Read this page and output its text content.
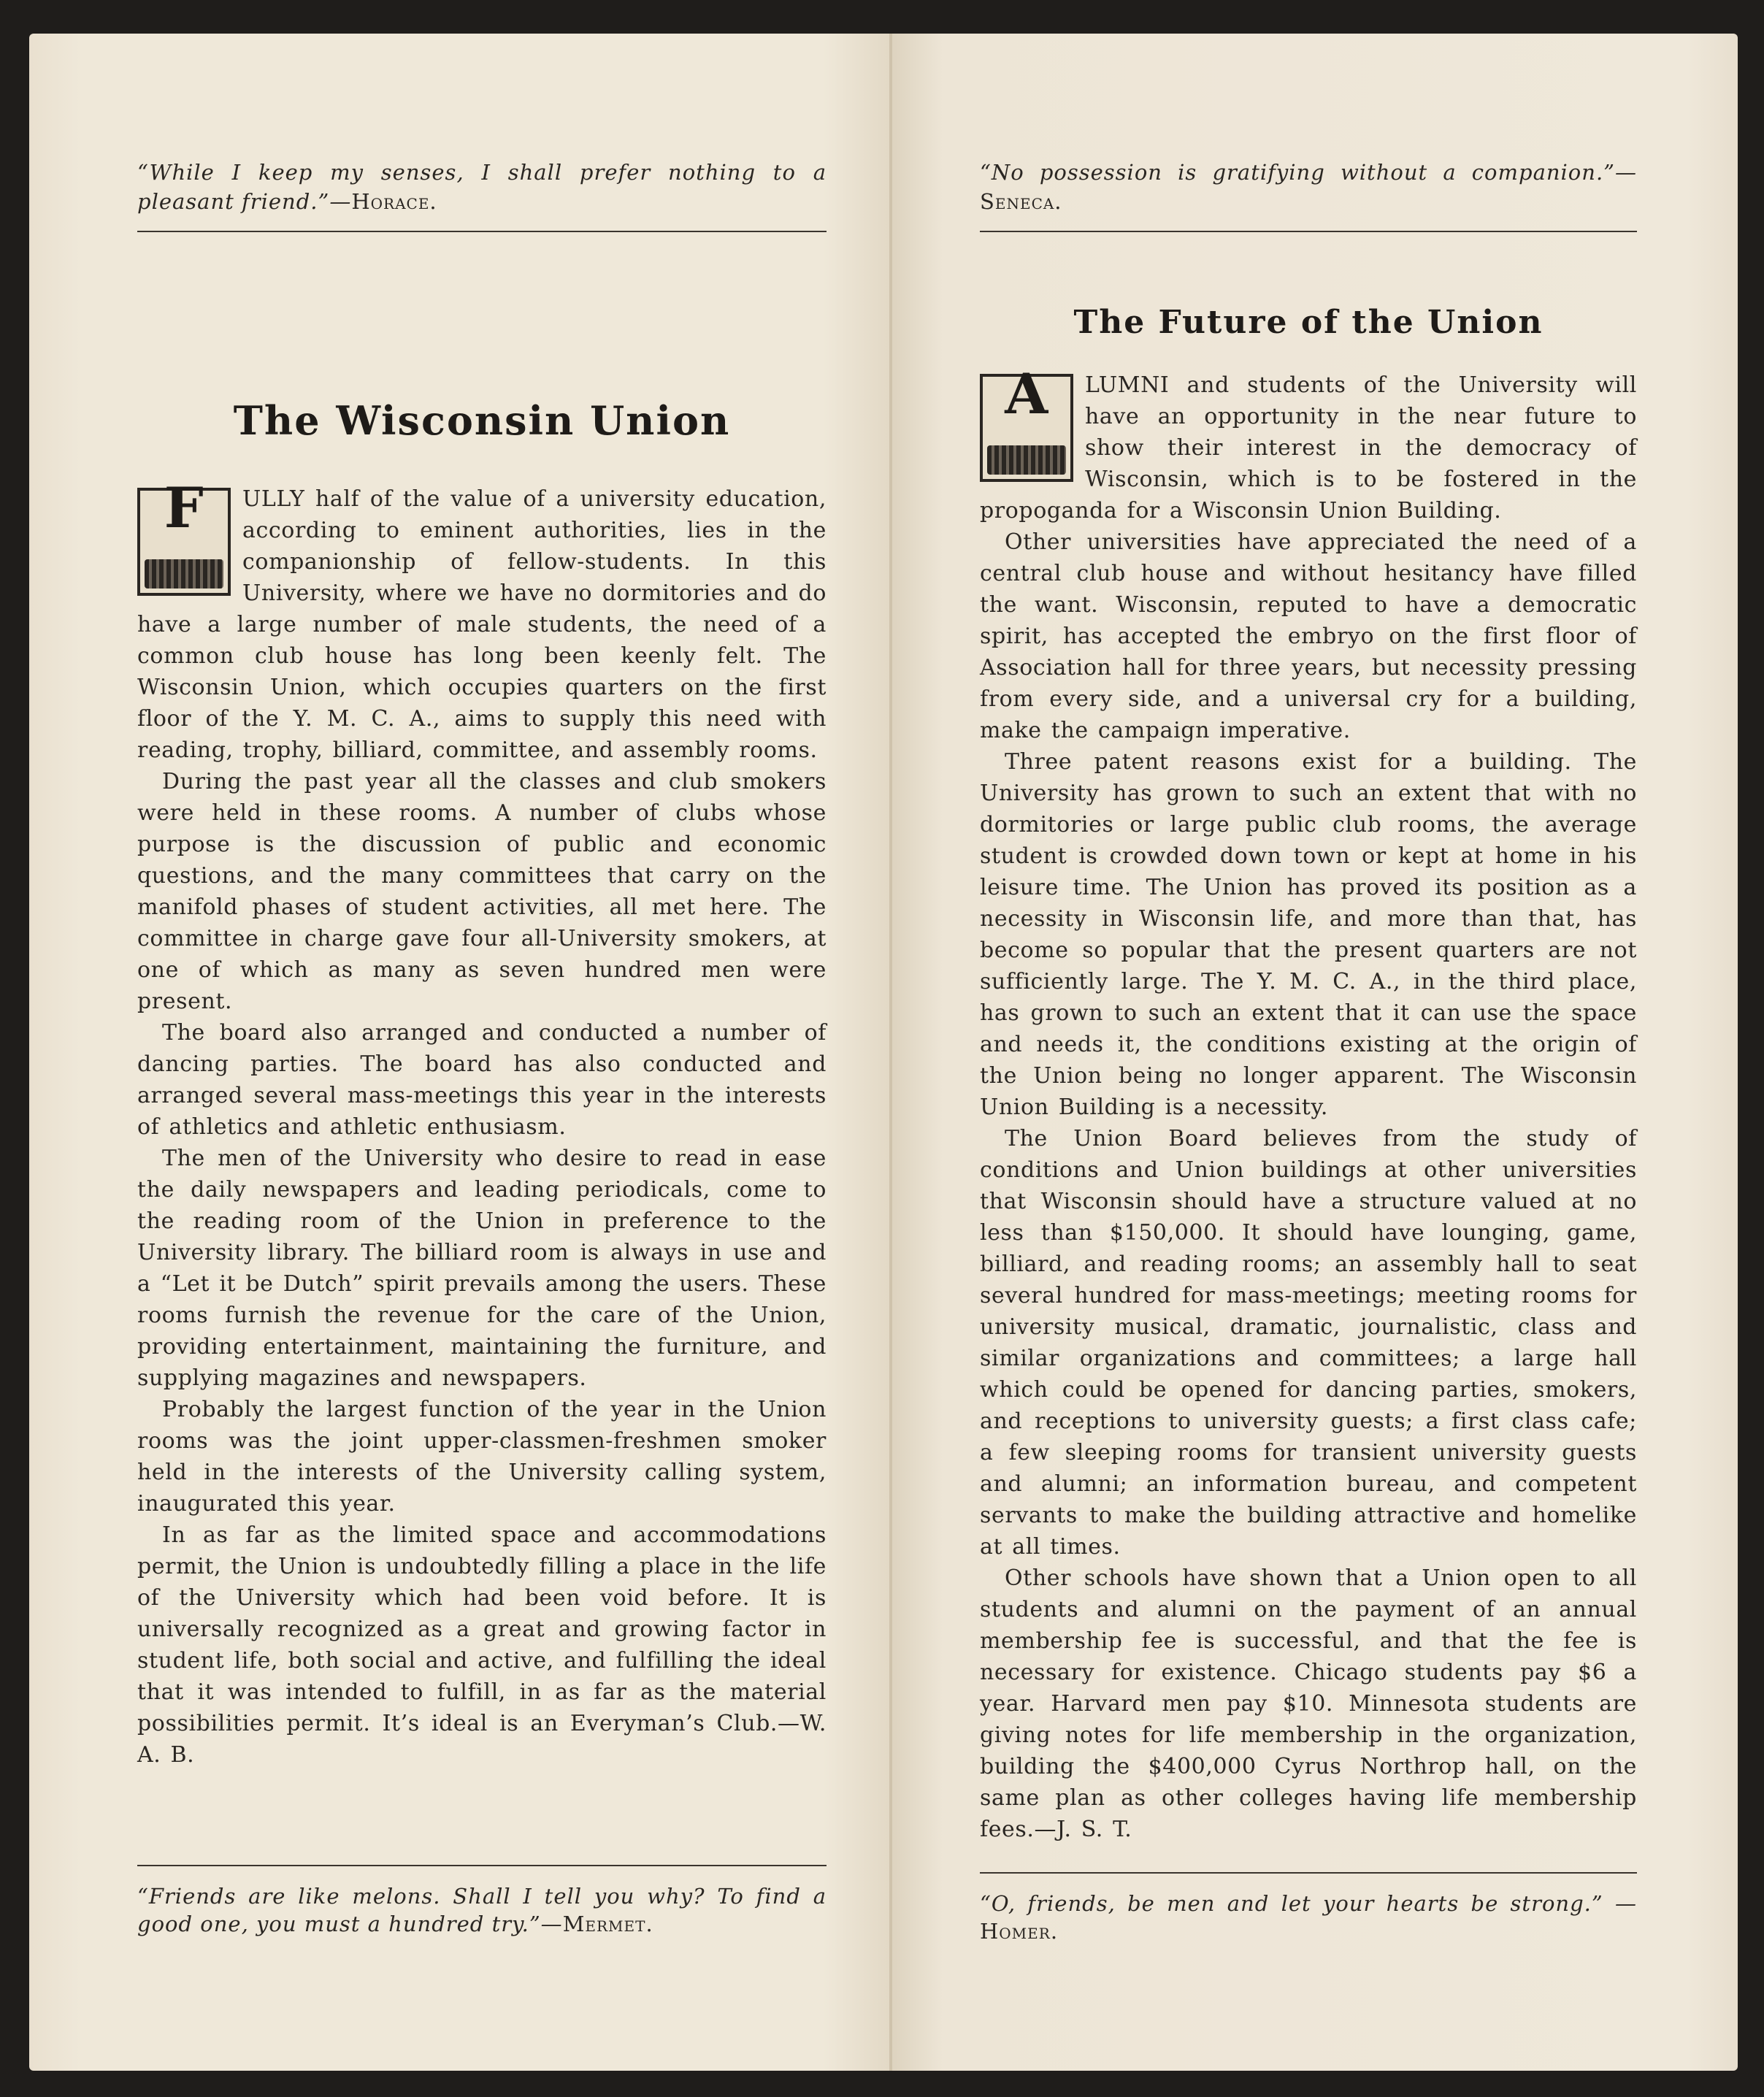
“While I keep my senses, I shall prefer nothing to a pleasant friend.”—Horace.
The Wisconsin Union
F	ULLY half of the value of a university education, according to eminent authorities, lies in the companionship of fellow-students. In this University, where we have no dormitories and do have a large number of male students, the need of a common club house has long been keenly felt. The Wisconsin Union, which occupies quarters on the first floor of the Y. M. C. A., aims to supply this need with reading, trophy, billiard, committee, and assembly rooms.

During the past year all the classes and club smokers were held in these rooms. A number of clubs whose purpose is the discussion of public and economic questions, and the many committees that carry on the manifold phases of student activities, all met here. The committee in charge gave four all-University smokers, at one of which as many as seven hundred men were present.

The board also arranged and conducted a number of dancing parties. The board has also conducted and arranged several mass-meetings this year in the interests of athletics and athletic enthusiasm.

The men of the University who desire to read in ease the daily newspapers and leading periodicals, come to the reading room of the Union in preference to the University library. The billiard room is always in use and a “Let it be Dutch” spirit prevails among the users. These rooms furnish the revenue for the care of the Union, providing entertainment, maintaining the furniture, and supplying magazines and newspapers.

Probably the largest function of the year in the Union rooms was the joint upper-classmen-freshmen smoker held in the interests of the University calling system, inaugurated this year.

In as far as the limited space and accommodations permit, the Union is undoubtedly filling a place in the life of the University which had been void before. It is universally recognized as a great and growing factor in student life, both social and active, and fulfilling the ideal that it was intended to fulfill, in as far as the material possibilities permit. It’s ideal is an Everyman’s Club.—W. A. B.

“Friends are like melons. Shall I tell you why? To find a good one, you must a hundred try.”—Mermet.
“No possession is gratifying without a companion.”—Seneca.
The Future of the Union
A	LUMNI and students of the University will have an opportunity in the near future to show their interest in the democracy of Wisconsin, which is to be fostered in the propoganda for a Wisconsin Union Building.

Other universities have appreciated the need of a central club house and without hesitancy have filled the want. Wisconsin, reputed to have a democratic spirit, has accepted the embryo on the first floor of Association hall for three years, but necessity pressing from every side, and a universal cry for a building, make the campaign imperative.

Three patent reasons exist for a building. The University has grown to such an extent that with no dormitories or large public club rooms, the average student is crowded down town or kept at home in his leisure time. The Union has proved its position as a necessity in Wisconsin life, and more than that, has become so popular that the present quarters are not sufficiently large. The Y. M. C. A., in the third place, has grown to such an extent that it can use the space and needs it, the conditions existing at the origin of the Union being no longer apparent. The Wisconsin Union Building is a necessity.

The Union Board believes from the study of conditions and Union buildings at other universities that Wisconsin should have a structure valued at no less than $150,000. It should have lounging, game, billiard, and reading rooms; an assembly hall to seat several hundred for mass-meetings; meeting rooms for university musical, dramatic, journalistic, class and similar organizations and committees; a large hall which could be opened for dancing parties, smokers, and receptions to university guests; a first class cafe; a few sleeping rooms for transient university guests and alumni; an information bureau, and competent servants to make the building attractive and homelike at all times.

Other schools have shown that a Union open to all students and alumni on the payment of an annual membership fee is successful, and that the fee is necessary for existence. Chicago students pay $6 a year. Harvard men pay $10. Minnesota students are giving notes for life membership in the organization, building the $400,000 Cyrus Northrop hall, on the same plan as other colleges having life membership fees.—J. S. T.

“O, friends, be men and let your hearts be strong.” —Homer.
